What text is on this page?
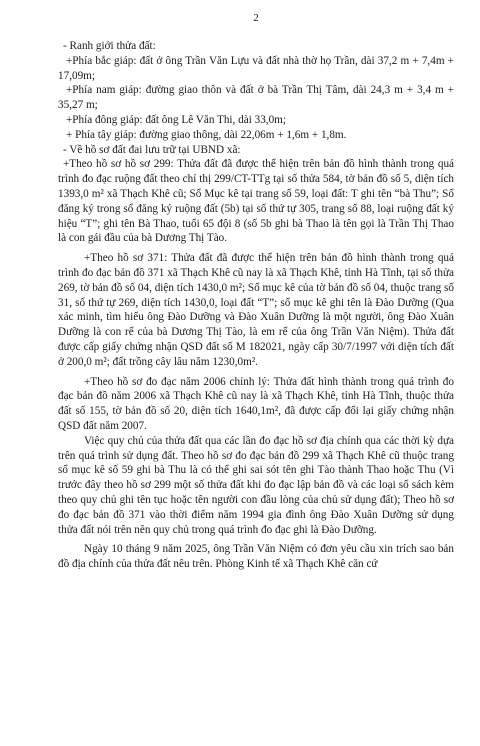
2

- Ranh giới thửa đất:

+Phía bắc giáp: đất ở ông Trần Văn Lựu và đất nhà thờ họ Trần, dài 37,2 m + 7,4m + 17,09m;

+Phía nam giáp: đường giao thôn và đất ở bà Trần Thị Tâm, dài 24,3 m + 3,4 m + 35,27 m;

+Phía đông giáp: đất ông Lê Văn Thi, dài 33,0m;

+ Phía tây giáp: đường giao thông, dài 22,06m + 1,6m + 1,8m.

- Về hồ sơ đất đai lưu trữ tại UBND xã:

+Theo hồ sơ hồ sơ 299: Thửa đất đã được thể hiện trên bản đồ hình thành trong quá trình đo đạc ruộng đất theo chỉ thị 299/CT-TTg tại số thửa 584, tờ bản đồ số 5, diện tích 1393,0 m² xã Thạch Khê cũ; Sổ Mục kê tại trang số 59, loại đất: T ghi tên “bà Thu”; Sổ đăng ký trong sổ đăng ký ruộng đất (5b) tại số thứ tự 305, trang số 88, loại ruộng đất ký hiệu “T”; ghi tên Bà Thao, tuổi 65 đội 8 (số 5b ghi bà Thao là tên gọi là Trần Thị Thao là con gái đầu của bà Dương Thị Tào.

+Theo hồ sơ 371: Thửa đất đã được thể hiện trên bản đồ hình thành trong quá trình đo đạc bản đồ 371 xã Thạch Khê cũ nay là xã Thạch Khê, tỉnh Hà Tĩnh, tại số thửa 269, tờ bản đồ số 04, diện tích 1430,0 m²; Sổ mục kê của tờ bản đồ số 04, thuộc trang số 31, số thứ tự 269, diện tích 1430,0, loại đất “T”; sổ mục kê ghi tên là Đào Dưỡng (Qua xác minh, tìm hiểu ông Đào Dưỡng và Đào Xuân Dưỡng là một người, ông Đào Xuân Dưỡng là con rể của bà Dương Thị Tào, là em rể của ông Trần Văn Niệm). Thửa đất được cấp giấy chứng nhận QSD đất số M 182021, ngày cấp 30/7/1997 với diện tích đất ở 200,0 m²; đất trồng cây lâu năm 1230,0m².

+Theo hồ sơ đo đạc năm 2006 chỉnh lý: Thửa đất hình thành trong quá trình đo đạc bản đồ năm 2006 xã Thạch Khê cũ nay là xã Thạch Khê, tỉnh Hà Tĩnh, thuộc thửa đất số 155, tờ bản đồ số 20, diện tích 1640,1m², đã được cấp đổi lại giấy chứng nhận QSD đất năm 2007.

Việc quy chủ của thửa đất qua các lần đo đạc hồ sơ địa chính qua các thời kỳ dựa trên quá trình sử dụng đất. Theo hồ sơ đo đạc bản đồ 299 xã Thạch Khê cũ thuộc trang sổ mục kê số 59 ghi bà Thu là có thể ghi sai sót tên ghi Tào thành Thao hoặc Thu (Vì trước đây theo hồ sơ 299 một số thửa đất khi đo đạc lập bản đồ và các loại sổ sách kèm theo quy chủ ghi tên tục hoặc tên người con đầu lòng của chủ sử dụng đất); Theo hồ sơ đo đạc bản đồ 371 vào thời điểm năm 1994 gia đình ông Đào Xuân Dưỡng sử dụng thửa đất nói trên nên quy chủ trong quá trình đo đạc ghi là Đào Dưỡng.

Ngày 10 tháng 9 năm 2025, ông Trần Văn Niệm có đơn yêu cầu xin trích sao bản đồ địa chính của thửa đất nêu trên. Phòng Kinh tế xã Thạch Khê căn cứ
